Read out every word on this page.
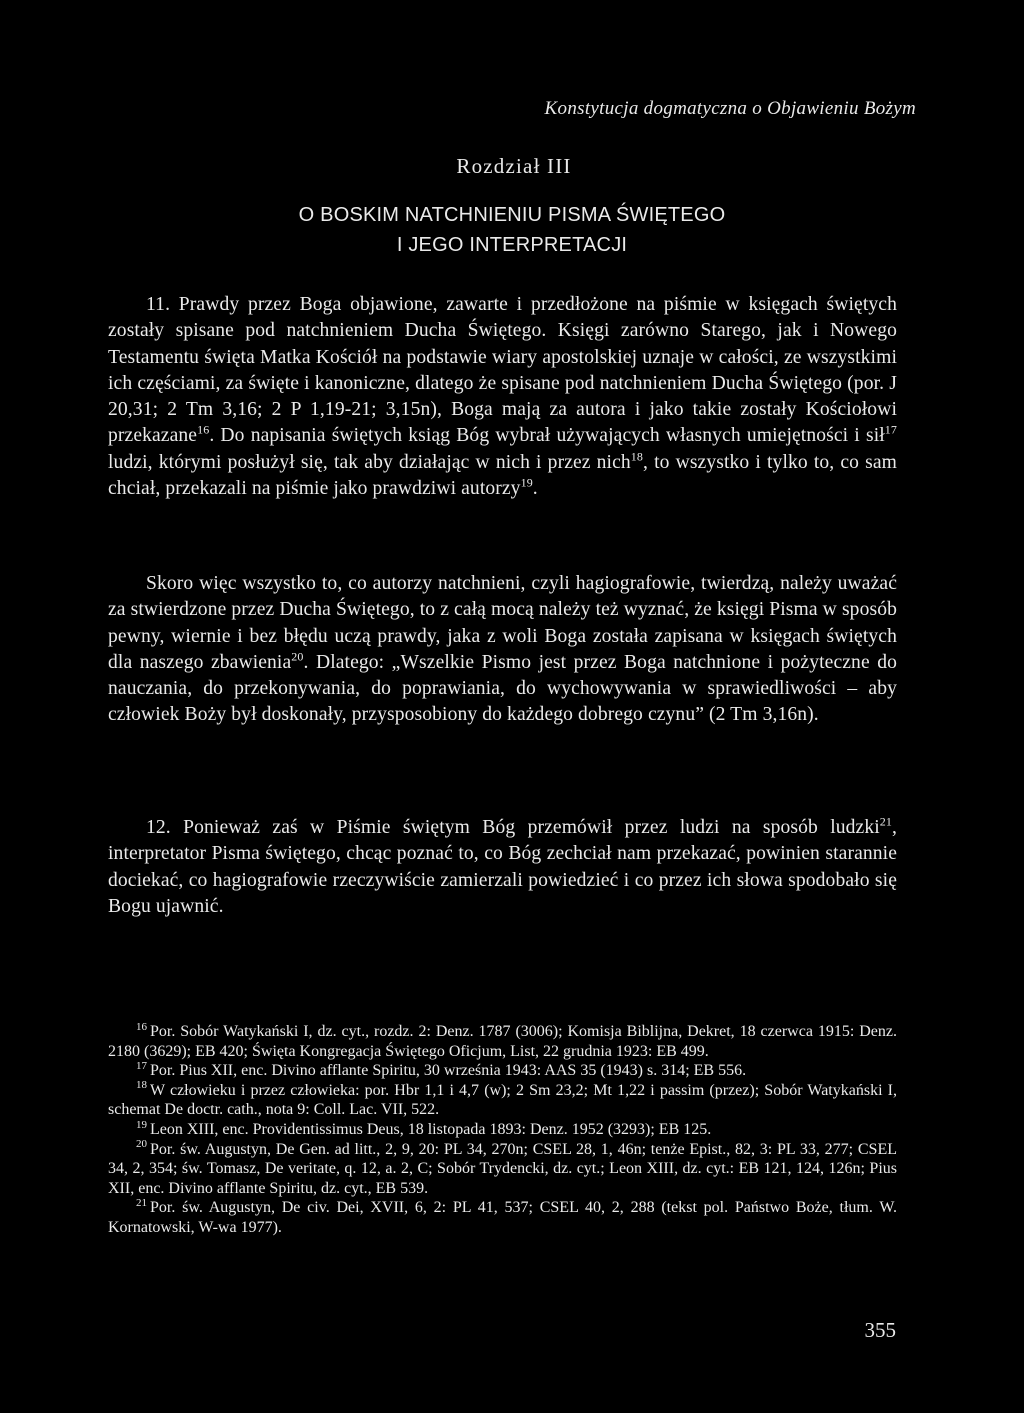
Konstytucja dogmatyczna o Objawieniu Bożym
Rozdział III
O BOSKIM NATCHNIENIU PISMA ŚWIĘTEGO
I JEGO INTERPRETACJI

11. Prawdy przez Boga objawione, zawarte i przedłożone na piśmie w księgach świętych zostały spisane pod natchnieniem Ducha Świętego. Księgi zarówno Starego, jak i Nowego Testamentu święta Matka Kościół na podstawie wiary apostolskiej uznaje w całości, ze wszystkimi ich częściami, za święte i kanoniczne, dlatego że spisane pod natchnieniem Ducha Świętego (por. J 20,31; 2 Tm 3,16; 2 P 1,19-21; 3,15n), Boga mają za autora i jako takie zostały Kościołowi przekazane$^{16}$. Do napisania świętych ksiąg Bóg wybrał używających własnych umiejętności i sił$^{17}$ ludzi, którymi posłużył się, tak aby działając w nich i przez nich$^{18}$, to wszystko i tylko to, co sam chciał, przekazali na piśmie jako prawdziwi autorzy$^{19}$.

Skoro więc wszystko to, co autorzy natchnieni, czyli hagiografowie, twierdzą, należy uważać za stwierdzone przez Ducha Świętego, to z całą mocą należy też wyznać, że księgi Pisma w sposób pewny, wiernie i bez błędu uczą prawdy, jaka z woli Boga została zapisana w księgach świętych dla naszego zbawienia$^{20}$. Dlatego: „Wszelkie Pismo jest przez Boga natchnione i pożyteczne do nauczania, do przekonywania, do poprawiania, do wychowywania w sprawiedliwości – aby człowiek Boży był doskonały, przysposobiony do każdego dobrego czynu” (2 Tm 3,16n).

12. Ponieważ zaś w Piśmie świętym Bóg przemówił przez ludzi na sposób ludzki$^{21}$, interpretator Pisma świętego, chcąc poznać to, co Bóg zechciał nam przekazać, powinien starannie dociekać, co hagiografowie rzeczywiście zamierzali powiedzieć i co przez ich słowa spodobało się Bogu ujawnić.

$^{16}$ Por. Sobór Watykański I, dz. cyt., rozdz. 2: Denz. 1787 (3006); Komisja Biblijna, Dekret, 18 czerwca 1915: Denz. 2180 (3629); EB 420; Święta Kongregacja Świętego Oficjum, List, 22 grudnia 1923: EB 499.

$^{17}$ Por. Pius XII, enc. Divino afflante Spiritu, 30 września 1943: AAS 35 (1943) s. 314; EB 556.

$^{18}$ W człowieku i przez człowieka: por. Hbr 1,1 i 4,7 (w); 2 Sm 23,2; Mt 1,22 i passim (przez); Sobór Watykański I, schemat De doctr. cath., nota 9: Coll. Lac. VII, 522.

$^{19}$ Leon XIII, enc. Providentissimus Deus, 18 listopada 1893: Denz. 1952 (3293); EB 125.

$^{20}$ Por. św. Augustyn, De Gen. ad litt., 2, 9, 20: PL 34, 270n; CSEL 28, 1, 46n; tenże Epist., 82, 3: PL 33, 277; CSEL 34, 2, 354; św. Tomasz, De veritate, q. 12, a. 2, C; Sobór Trydencki, dz. cyt.; Leon XIII, dz. cyt.: EB 121, 124, 126n; Pius XII, enc. Divino afflante Spiritu, dz. cyt., EB 539.

$^{21}$ Por. św. Augustyn, De civ. Dei, XVII, 6, 2: PL 41, 537; CSEL 40, 2, 288 (tekst pol. Państwo Boże, tłum. W. Kornatowski, W-wa 1977).

355
